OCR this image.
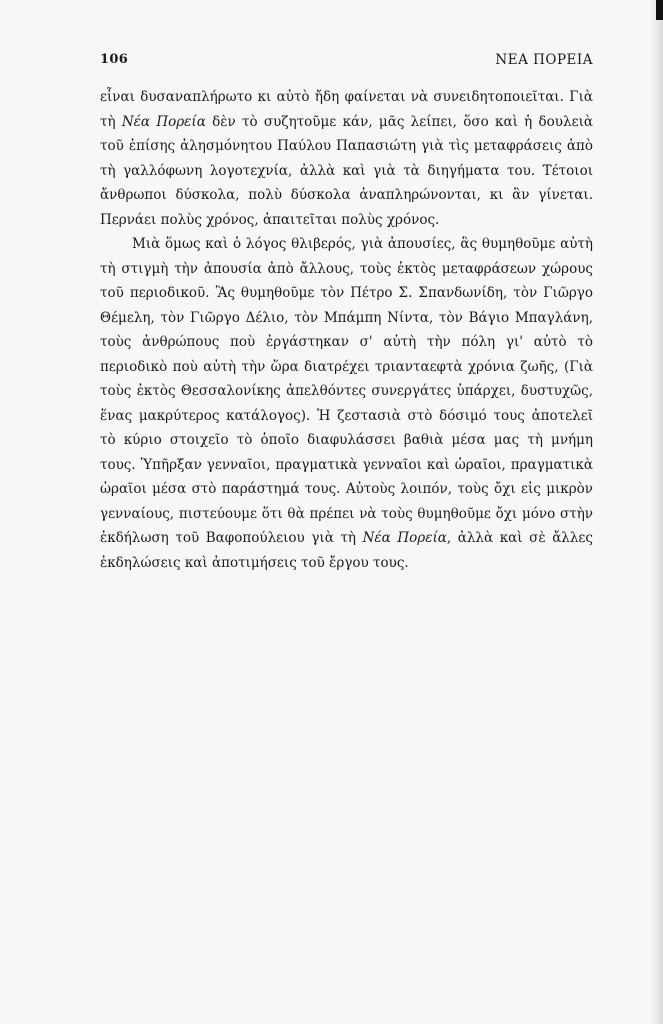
106	ΝΕΑ ΠΟΡΕΙΑ

εἶναι δυσαναπλήρωτο κι αὐτὸ ἤδη φαίνεται νὰ συνειδητοποιεῖται. Γιὰ τὴ Νέα Πορεία δὲν τὸ συζητοῦμε κάν, μᾶς λείπει, ὅσο καὶ ἡ δουλειὰ τοῦ ἐπίσης ἀλησμόνητου Παύλου Παπασιώτη γιὰ τὶς μεταφράσεις ἀπὸ τὴ γαλλόφωνη λογοτεχνία, ἀλλὰ καὶ γιὰ τὰ διηγήματα του. Τέτοιοι ἄνθρωποι δύσκολα, πολὺ δύσκολα ἀναπληρώνονται, κι ἂν γίνεται. Περνάει πολὺς χρόνος, ἀπαιτεῖται πολὺς χρόνος.

Μιὰ ὅμως καὶ ὁ λόγος θλιβερός, γιὰ ἀπουσίες, ἂς θυμηθοῦμε αὐτὴ τὴ στιγμὴ τὴν ἀπουσία ἀπὸ ἄλλους, τοὺς ἐκτὸς μεταφράσεων χώρους τοῦ περιοδικοῦ. Ἂς θυμηθοῦμε τὸν Πέτρο Σ. Σπανδωνίδη, τὸν Γιῶργο Θέμελη, τὸν Γιῶργο Δέλιο, τὸν Μπάμπη Νίντα, τὸν Βάγιο Μπαγλάνη, τοὺς ἀνθρώπους ποὺ ἐργάστηκαν σ' αὐτὴ τὴν πόλη γι' αὐτὸ τὸ περιοδικὸ ποὺ αὐτὴ τὴν ὥρα διατρέχει τριανταεφτὰ χρόνια ζωῆς, (Γιὰ τοὺς ἐκτὸς Θεσσαλονίκης ἀπελθόντες συνεργάτες ὑπάρχει, δυστυχῶς, ἕνας μακρύτερος κατάλογος). Ἡ ζεστασιὰ στὸ δόσιμό τους ἀποτελεῖ τὸ κύριο στοιχεῖο τὸ ὁποῖο διαφυλάσσει βαθιὰ μέσα μας τὴ μνήμη τους. Ὑπῆρξαν γενναῖοι, πραγματικὰ γενναῖοι καὶ ὡραῖοι, πραγματικὰ ὡραῖοι μέσα στὸ παράστημά τους. Αὐτοὺς λοιπόν, τοὺς ὄχι εἰς μικρὸν γενναίους, πιστεύουμε ὅτι θὰ πρέπει νὰ τοὺς θυμηθοῦμε ὄχι μόνο στὴν ἐκδήλωση τοῦ Βαφοπούλειου γιὰ τὴ Νέα Πορεία, ἀλλὰ καὶ σὲ ἄλλες ἐκδηλώσεις καὶ ἀποτιμήσεις τοῦ ἔργου τους.
